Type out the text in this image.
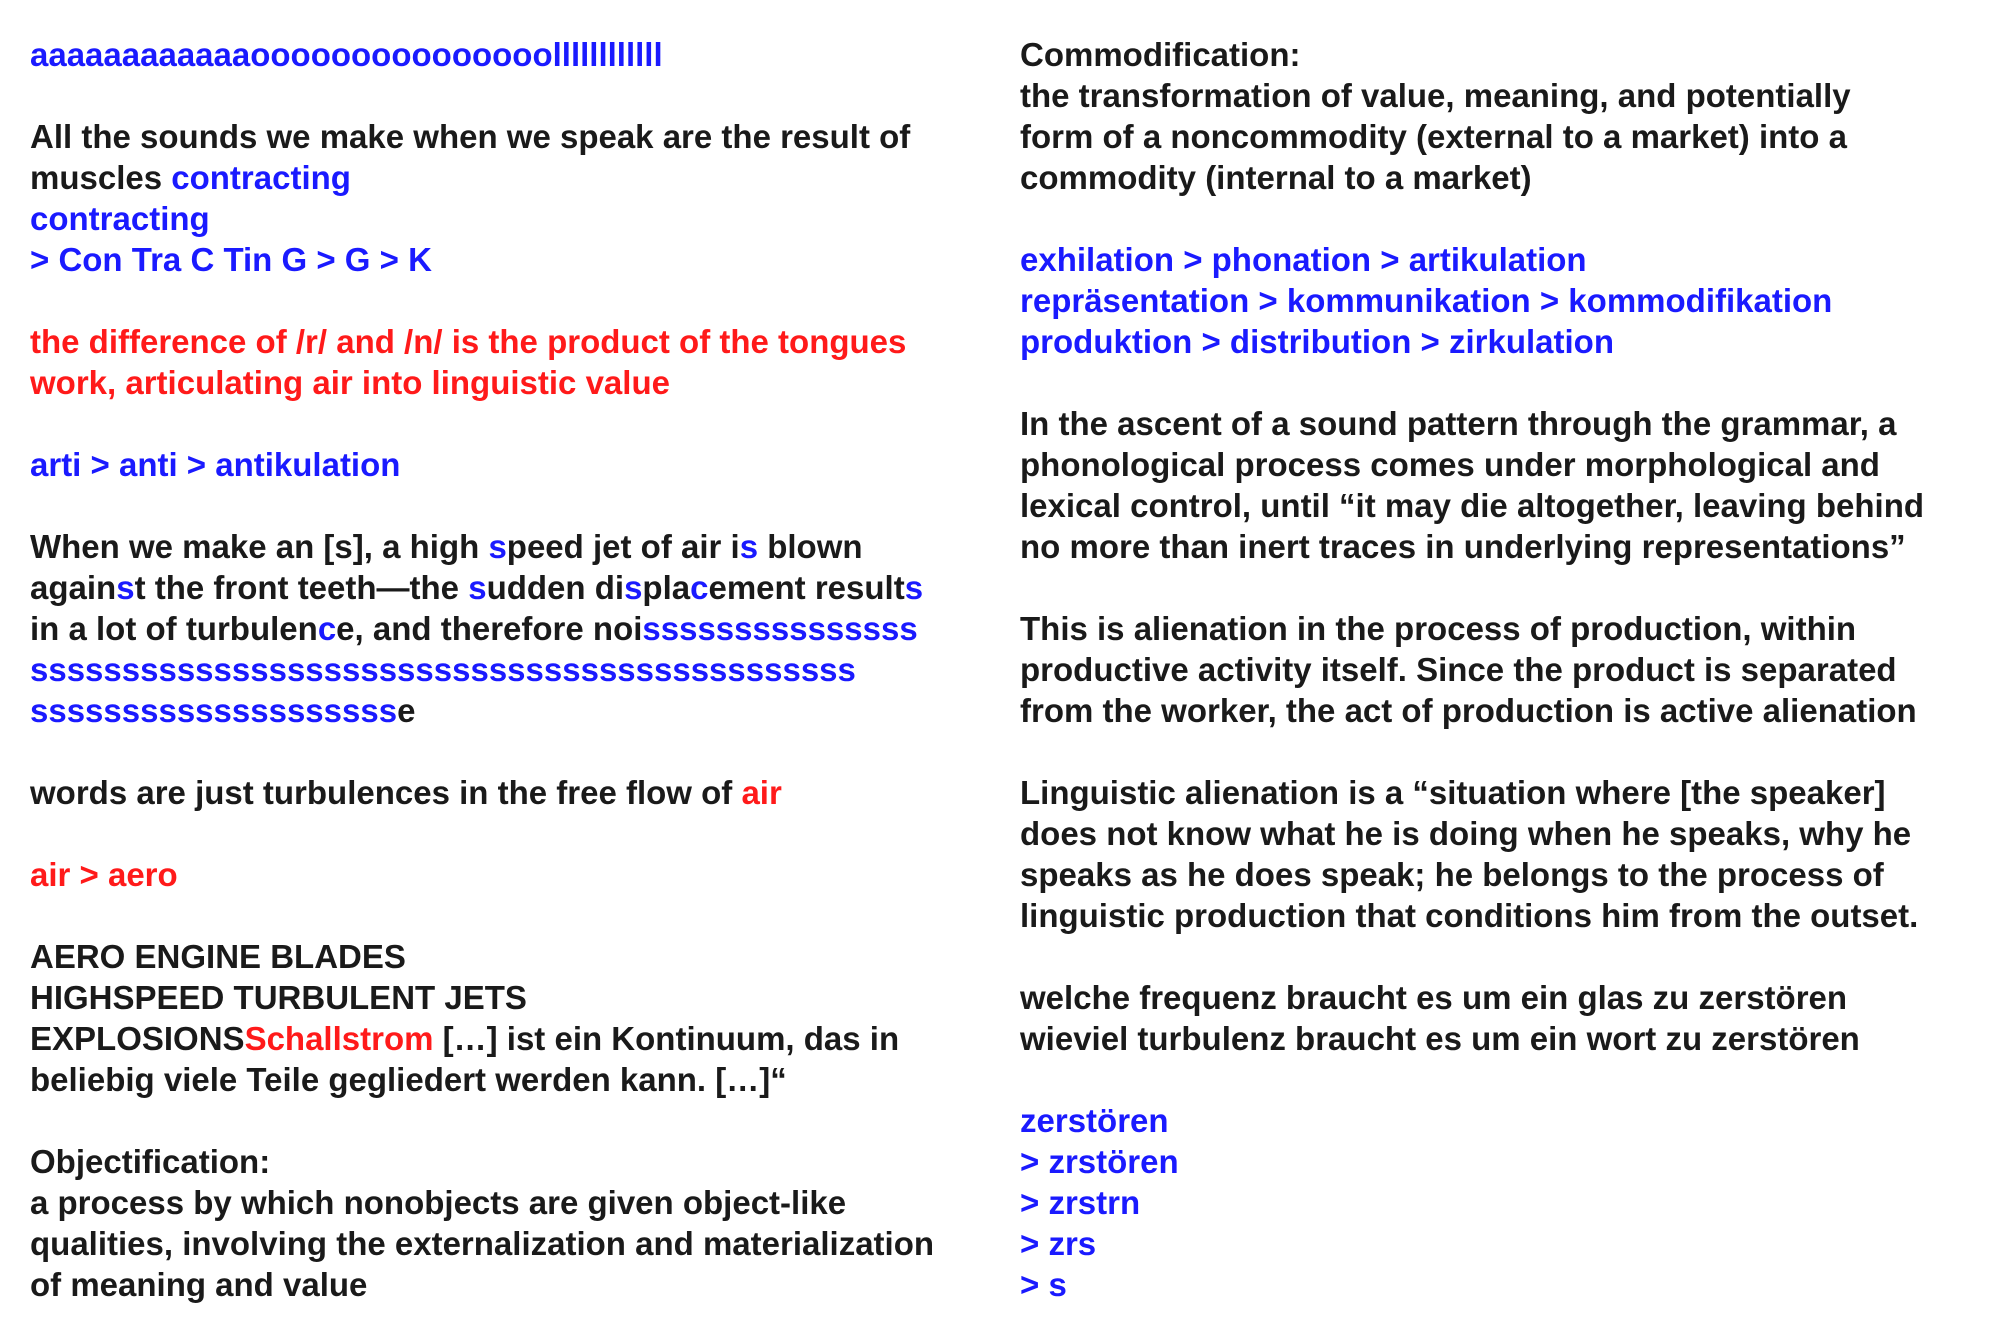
aaaaaaaaaaaaooooooooooooooollllllllllll
All the sounds we make when we speak are the result of
muscles contracting
contracting
> Con Tra C Tin G > G > K
the difference of /r/ and /n/ is the product of the tongues
work, articulating air into linguistic value
arti > anti > antikulation
When we make an [s], a high speed jet of air is blown
against the front teeth—the sudden displacement results
in a lot of turbulence, and therefore noisssssssssssssss
sssssssssssssssssssssssssssssssssssssssssssss
sssssssssssssssssssse
words are just turbulences in the free flow of air
air > aero
AERO ENGINE BLADES
HIGHSPEED TURBULENT JETS
EXPLOSIONSSchallstrom […] ist ein Kontinuum, das in
beliebig viele Teile gegliedert werden kann. […]“
Objectification:
a process by which nonobjects are given object-like
qualities, involving the externalization and materialization
of meaning and value
Commodification:
the transformation of value, meaning, and potentially
form of a noncommodity (external to a market) into a
commodity (internal to a market)
exhilation > phonation > artikulation
repräsentation > kommunikation > kommodifikation
produktion > distribution > zirkulation
In the ascent of a sound pattern through the grammar, a
phonological process comes under morphological and
lexical control, until “it may die altogether, leaving behind
no more than inert traces in underlying representations”
This is alienation in the process of production, within
productive activity itself. Since the product is separated
from the worker, the act of production is active alienation
Linguistic alienation is a “situation where [the speaker]
does not know what he is doing when he speaks, why he
speaks as he does speak; he belongs to the process of
linguistic production that conditions him from the outset.
welche frequenz braucht es um ein glas zu zerstören
wieviel turbulenz braucht es um ein wort zu zerstören
zerstören
> zrstören
> zrstrn
> zrs
> s
